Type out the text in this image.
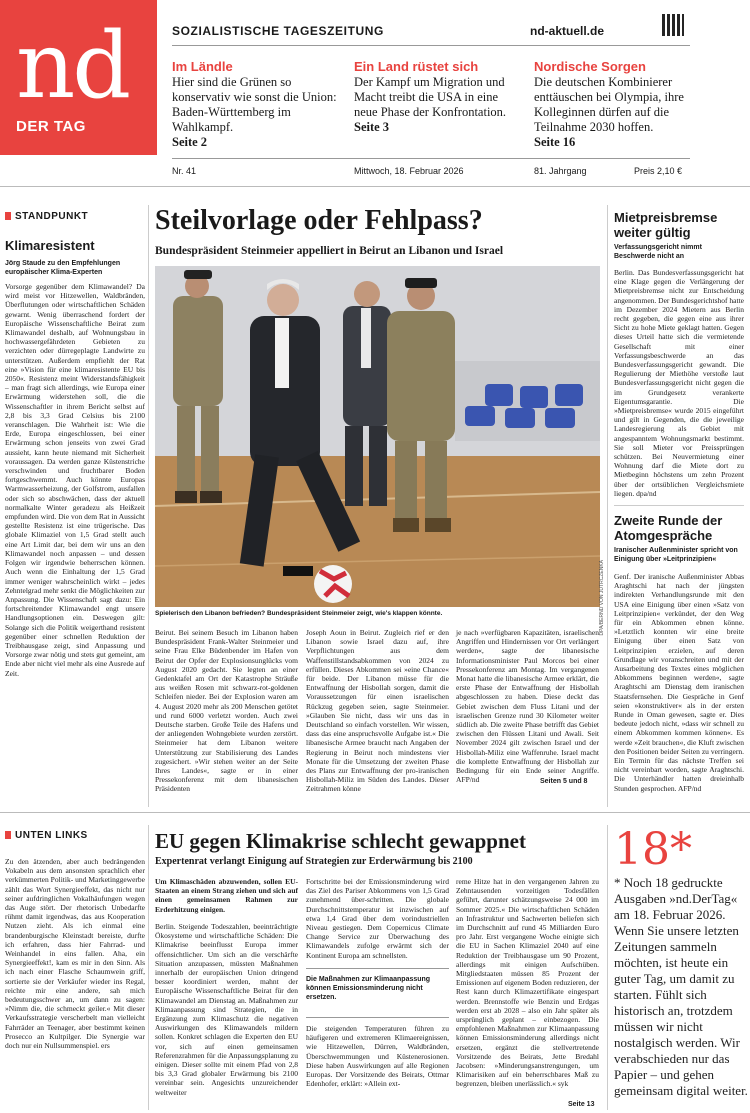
nd
DER TAG
SOZIALISTISCHE TAGESZEITUNG	nd-aktuell.de
Im Ländle
Hier sind die Grünen so konservativ wie sonst die Union: Baden-Württemberg im Wahlkampf.
Seite 2
Ein Land rüstet sich
Der Kampf um Migration und Macht treibt die USA in eine neue Phase der Konfrontation.
Seite 3
Nordische Sorgen
Die deutschen Kombinierer enttäuschen bei Olympia, ihre Kolleginnen dürfen auf die Teilnahme 2030 hoffen.
Seite 16
Nr. 41	Mittwoch, 18. Februar 2026	81. Jahrgang	Preis 2,10 €
STANDPUNKT
Klimaresistent
Jörg Staude zu den Empfehlungen europäischer Klima-Experten
Vorsorge gegenüber dem Klimawandel? Da wird meist vor Hitzewellen, Waldbränden, Überflutungen oder wirtschaftlichen Schäden gewarnt. Wenig überraschend fordert der Europäische Wissenschaftliche Beirat zum Klimawandel deshalb, auf Wohnungsbau in hochwassergefährdeten Gebieten zu verzichten oder dürregeplagte Landwirte zu unterstützen. Außerdem empfiehlt der Rat eine »Vision für eine klimaresistente EU bis 2050«. Resistenz meint Widerstandsfähigkeit – man fragt sich allerdings, wie Europa einer Erwärmung widerstehen soll, die die Wissenschaftler in ihrem Bericht selbst auf 2,8 bis 3,3 Grad Celsius bis 2100 veranschlagen. Die Wahrheit ist: Wie die Erde, Europa eingeschlossen, bei einer Erwärmung schon jenseits von zwei Grad aussieht, kann heute niemand mit Sicherheit voraussagen. Da werden ganze Küstenstriche verschwinden und fruchtbarer Boden fortgeschwemmt. Auch könnte Europas Warmwasserheizung, der Golfstrom, ausfallen oder sich so abschwächen, dass der aktuell normalkalte Winter geradezu als Heißzeit empfunden wird. Die von dem Rat in Aussicht gestellte Resistenz ist eine trügerische. Das globale Klimaziel von 1,5 Grad stellt auch eine Art Limit dar, bei dem wir uns an den Klimawandel noch anpassen – und dessen Folgen wir irgendwie beherrschen können. Auch wenn die Einhaltung der 1,5 Grad immer weniger wahrscheinlich wirkt – jedes Zehntelgrad mehr senkt die Möglichkeiten zur Anpassung. Die Wissenschaft sagt dazu: Ein fortschreitender Klimawandel engt unsere Handlungsoptionen ein. Deswegen gilt: Solange sich die Politik weigerthand resistent gegenüber einer schnellen Reduktion der Treibhausgase zeigt, sind Anpassung und Vorsorge zwar nötig und stets gut gemeint, am Ende aber nicht viel mehr als eine Ausrede auf Zeit.
Steilvorlage oder Fehlpass?
Bundespräsident Steinmeier appelliert in Beirut an Libanon und Israel
DPA/BERND VON JUTRCZENKA
Spielerisch den Libanon befrieden? Bundespräsident Steinmeier zeigt, wie's klappen könnte.
Beirut. Bei seinem Besuch im Libanon haben Bundespräsident Frank-Walter Steinmeier und seine Frau Elke Büdenbender im Hafen von Beirut der Opfer der Explosionsunglücks vom August 2020 gedacht. Sie legten an einer Gedenktafel am Ort der Katastrophe Sträuße aus weißen Rosen mit schwarz-rot-goldenen Schleifen nieder. Bei der Explosion waren am 4. August 2020 mehr als 200 Menschen getötet und rund 6000 verletzt worden. Auch zwei Deutsche starben. Große Teile des Hafens und der anliegenden Wohngebiete wurden zerstört. Steinmeier hat dem Libanon weitere Unterstützung zur Stabilisierung des Landes zugesichert. »Wir stehen weiter an der Seite Ihres Landes«, sagte er in einer Pressekonferenz mit dem libanesischen Präsidenten
Joseph Aoun in Beirut. Zugleich rief er den Libanon sowie Israel dazu auf, ihre Verpflichtungen aus dem Waffenstillstandsabkommen von 2024 zu erfüllen. Dieses Abkommen sei »eine Chance« für beide. Der Libanon müsse für die Entwaffnung der Hisbollah sorgen, damit die Voraussetzungen für einen israelischen Rückzug gegeben seien, sagte Steinmeier. »Glauben Sie nicht, dass wir uns das in Deutschland so einfach vorstellen. Wir wissen, dass das eine anspruchsvolle Aufgabe ist.« Die libanesische Armee braucht nach Angaben der Regierung in Beirut noch mindestens vier Monate für die Umsetzung der zweiten Phase des Plans zur Entwaffnung der pro-iranischen Hisbollah-Miliz im Süden des Landes. Dieser Zeitrahmen könne
je nach »verfügbaren Kapazitäten, israelischen Angriffen und Hindernissen vor Ort verlängert werden«, sagte der libanesische Informationsminister Paul Morcos bei einer Pressekonferenz am Montag. Im vergangenen Monat hatte die libanesische Armee erklärt, die erste Phase der Entwaffnung der Hisbollah abgeschlossen zu haben. Diese deckt das Gebiet zwischen dem Fluss Litani und der israelischen Grenze rund 30 Kilometer weiter südlich ab. Die zweite Phase betrifft das Gebiet zwischen den Flüssen Litani und Awali. Seit November 2024 gilt zwischen Israel und der Hisbollah-Miliz eine Waffenruhe. Israel macht die komplette Entwaffnung der Hisbollah zur Bedingung für ein Ende seiner Angriffe. AFP/nd	Seiten 5 und 8
Mietpreisbremse weiter gültig
Verfassungsgericht nimmt Beschwerde nicht an
Berlin. Das Bundesverfassungsgericht hat eine Klage gegen die Verlängerung der Mietpreisbremse nicht zur Entscheidung angenommen. Der Bundesgerichtshof hatte im Dezember 2024 Mietern aus Berlin recht gegeben, die gegen eine aus ihrer Sicht zu hohe Miete geklagt hatten. Gegen dieses Urteil hatte sich die vermietende Gesellschaft mit einer Verfassungsbeschwerde an das Bundesverfassungsgericht gewandt. Die Regulierung der Miethöhe verstoße laut Bundesverfassungsgericht nicht gegen die im Grundgesetz verankerte Eigentumsgarantie. Die »Mietpreisbremse« wurde 2015 eingeführt und gilt in Gegenden, die die jeweilige Landesregierung als Gebiet mit angespanntem Wohnungsmarkt bestimmt. Sie soll Mieter vor Preissprüngen schützen. Bei Neuvermietung einer Wohnung darf die Miete dort zu Mietbeginn höchstens um zehn Prozent über der ortsüblichen Vergleichsmiete liegen. dpa/nd
Zweite Runde der Atomgespräche
Iranischer Außenminister spricht von Einigung über »Leitprinzipien«
Genf. Der iranische Außenminister Abbas Araghtschi hat nach der jüngsten indirekten Verhandlungsrunde mit den USA eine Einigung über einen »Satz von Leitprinzipien« verkündet, der den Weg für ein Abkommen ebnen könne. »Letztlich konnten wir eine breite Einigung über einen Satz von Leitprinzipien erzielen, auf deren Grundlage wir voranschreiten und mit der Ausarbeitung des Textes eines möglichen Abkommens beginnen werden«, sagte Araghtschi am Dienstag dem iranischen Staatsfernsehen. Die Gespräche in Genf seien »konstruktiver« als in der ersten Runde in Oman gewesen, sagte er. Dies bedeute jedoch nicht, »dass wir schnell zu einem Abkommen kommen können«. Es werde »Zeit brauchen«, die Kluft zwischen den Positionen beider Seiten zu verringern. Ein Termin für das nächste Treffen sei nicht vereinbart worden, sagte Araghtschi. Die Unterhändler hatten dreieinhalb Stunden gesprochen. AFP/nd
UNTEN LINKS
Zu den ätzenden, aber auch bedrängenden Vokabeln aus dem ansonsten sprachlich eher verkümmerten Politik- und Marketinggewerbe zählt das Wort Synergieeffekt, das nicht nur seiner aufdringlichen Vokalhäufungen wegen das Auge stört. Der rhetorisch Unbedarfte rühmt damit irgendwas, das aus Kooperation Nutzen zieht. Als ich einmal eine brandenburgische Kleinstadt bereiste, durfte ich erfahren, dass hier Fahrrad- und Weinhandel in eins fallen. Aha, ein Synergieeffekt!, kam es mir in den Sinn. Als ich nach einer Flasche Schaumwein griff, sortierte sie der Verkäufer wieder ins Regal, reichte mir eine andere, sah mich bedeutungsschwer an, um dann zu sagen: »Nimm die, die schmeckt geiler.« Mit dieser Verkaufsstrategie verscherbelt man vielleicht Fahrräder an Teenager, aber bestimmt keinen Prosecco an Kultpilger. Die Synergie war doch nur ein Nullsummenspiel. ers
EU gegen Klimakrise schlecht gewappnet
Expertenrat verlangt Einigung auf Strategien zur Erderwärmung bis 2100
Um Klimaschäden abzuwenden, sollen EU-Staaten an einem Strang ziehen und sich auf einen gemeinsamen Rahmen zur Erderhitzung einigen.
Berlin. Steigende Todeszahlen, beeinträchtigte Ökosysteme und wirtschaftliche Schäden: Die Klimakrise beeinflusst Europa immer offensichtlicher. Um sich an die verschärfte Situation anzupassen, müssten Maßnahmen innerhalb der europäischen Union dringend besser koordiniert werden, mahnt der Europäische Wissenschaftliche Beirat für den Klimawandel am Dienstag an. Maßnahmen zur Klimaanpassung sind Strategien, die in Ergänzung zum Klimaschutz die negativen Auswirkungen des Klimawandels mildern sollen. Konkret schlagen die Experten den EU vor, sich auf einen gemeinsamen Referenzrahmen für die Anpassungsplanung zu einigen. Dieser sollte mit einem Pfad von 2,8 bis 3,3 Grad globaler Erwärmung bis 2100 vereinbar sein. Angesichts unzureichender weltweiter
Fortschritte bei der Emissionsminderung wird das Ziel des Pariser Abkommens von 1,5 Grad zunehmend über-schritten. Die globale Durchschnittstemperatur ist inzwischen auf etwa 1,4 Grad über dem vorindustriellen Niveau gestiegen. Dem Copernicus Climate Change Service zur Überwachung des Klimawandels zufolge erwärmt sich der Kontinent Europa am schnellsten.
Die Maßnahmen zur Klimaanpassung können Emissionsminderung nicht ersetzen.
Die steigenden Temperaturen führen zu häufigeren und extremeren Klimaereignissen, wie Hitzewellen, Dürren, Waldbränden, Überschwemmungen und Küstenerosionen. Diese haben Auswirkungen auf alle Regionen Europas. Der Vorsitzende des Beirats, Ottmar Edenhofer, erklärt: »Allein ext-
reme Hitze hat in den vergangenen Jahren zu Zehntausenden vorzeitigen Todesfällen geführt, darunter schätzungsweise 24 000 im Sommer 2025.« Die wirtschaftlichen Schäden an Infrastruktur und Sachwerten beliefen sich im Durchschnitt auf rund 45 Milliarden Euro pro Jahr. Erst vergangene Woche einigte sich die EU in Sachen Klimaziel 2040 auf eine Reduktion der Treibhausgase um 90 Prozent, allerdings mit einigen Aufschüben. Mitgliedstaaten müssen 85 Prozent der Emissionen auf eigenem Boden reduzieren, der Rest kann durch Klimazertifikate eingespart werden. Brennstoffe wie Benzin und Erdgas werden erst ab 2028 – also ein Jahr später als ursprünglich geplant – einbezogen. Die empfohlenen Maßnahmen zur Klimaanpassung können Emissionsminderung allerdings nicht ersetzen, ergänzt die stellvertretende Vorsitzende des Beirats, Jette Bredahl Jacobsen: »Minderungsanstrengungen, um Klimarisiken auf ein beherrschbares Maß zu begrenzen, bleiben unerlässlich.« syk
Seite 13
18*
* Noch 18 gedruckte Ausgaben »nd.DerTag« am 18. Februar 2026. Wenn Sie unsere letzten Zeitungen sammeln möchten, ist heute ein guter Tag, um damit zu starten. Fühlt sich historisch an, trotzdem müssen wir nicht nostalgisch werden. Wir verabschieden nur das Papier – und gehen gemeinsam digital weiter.
